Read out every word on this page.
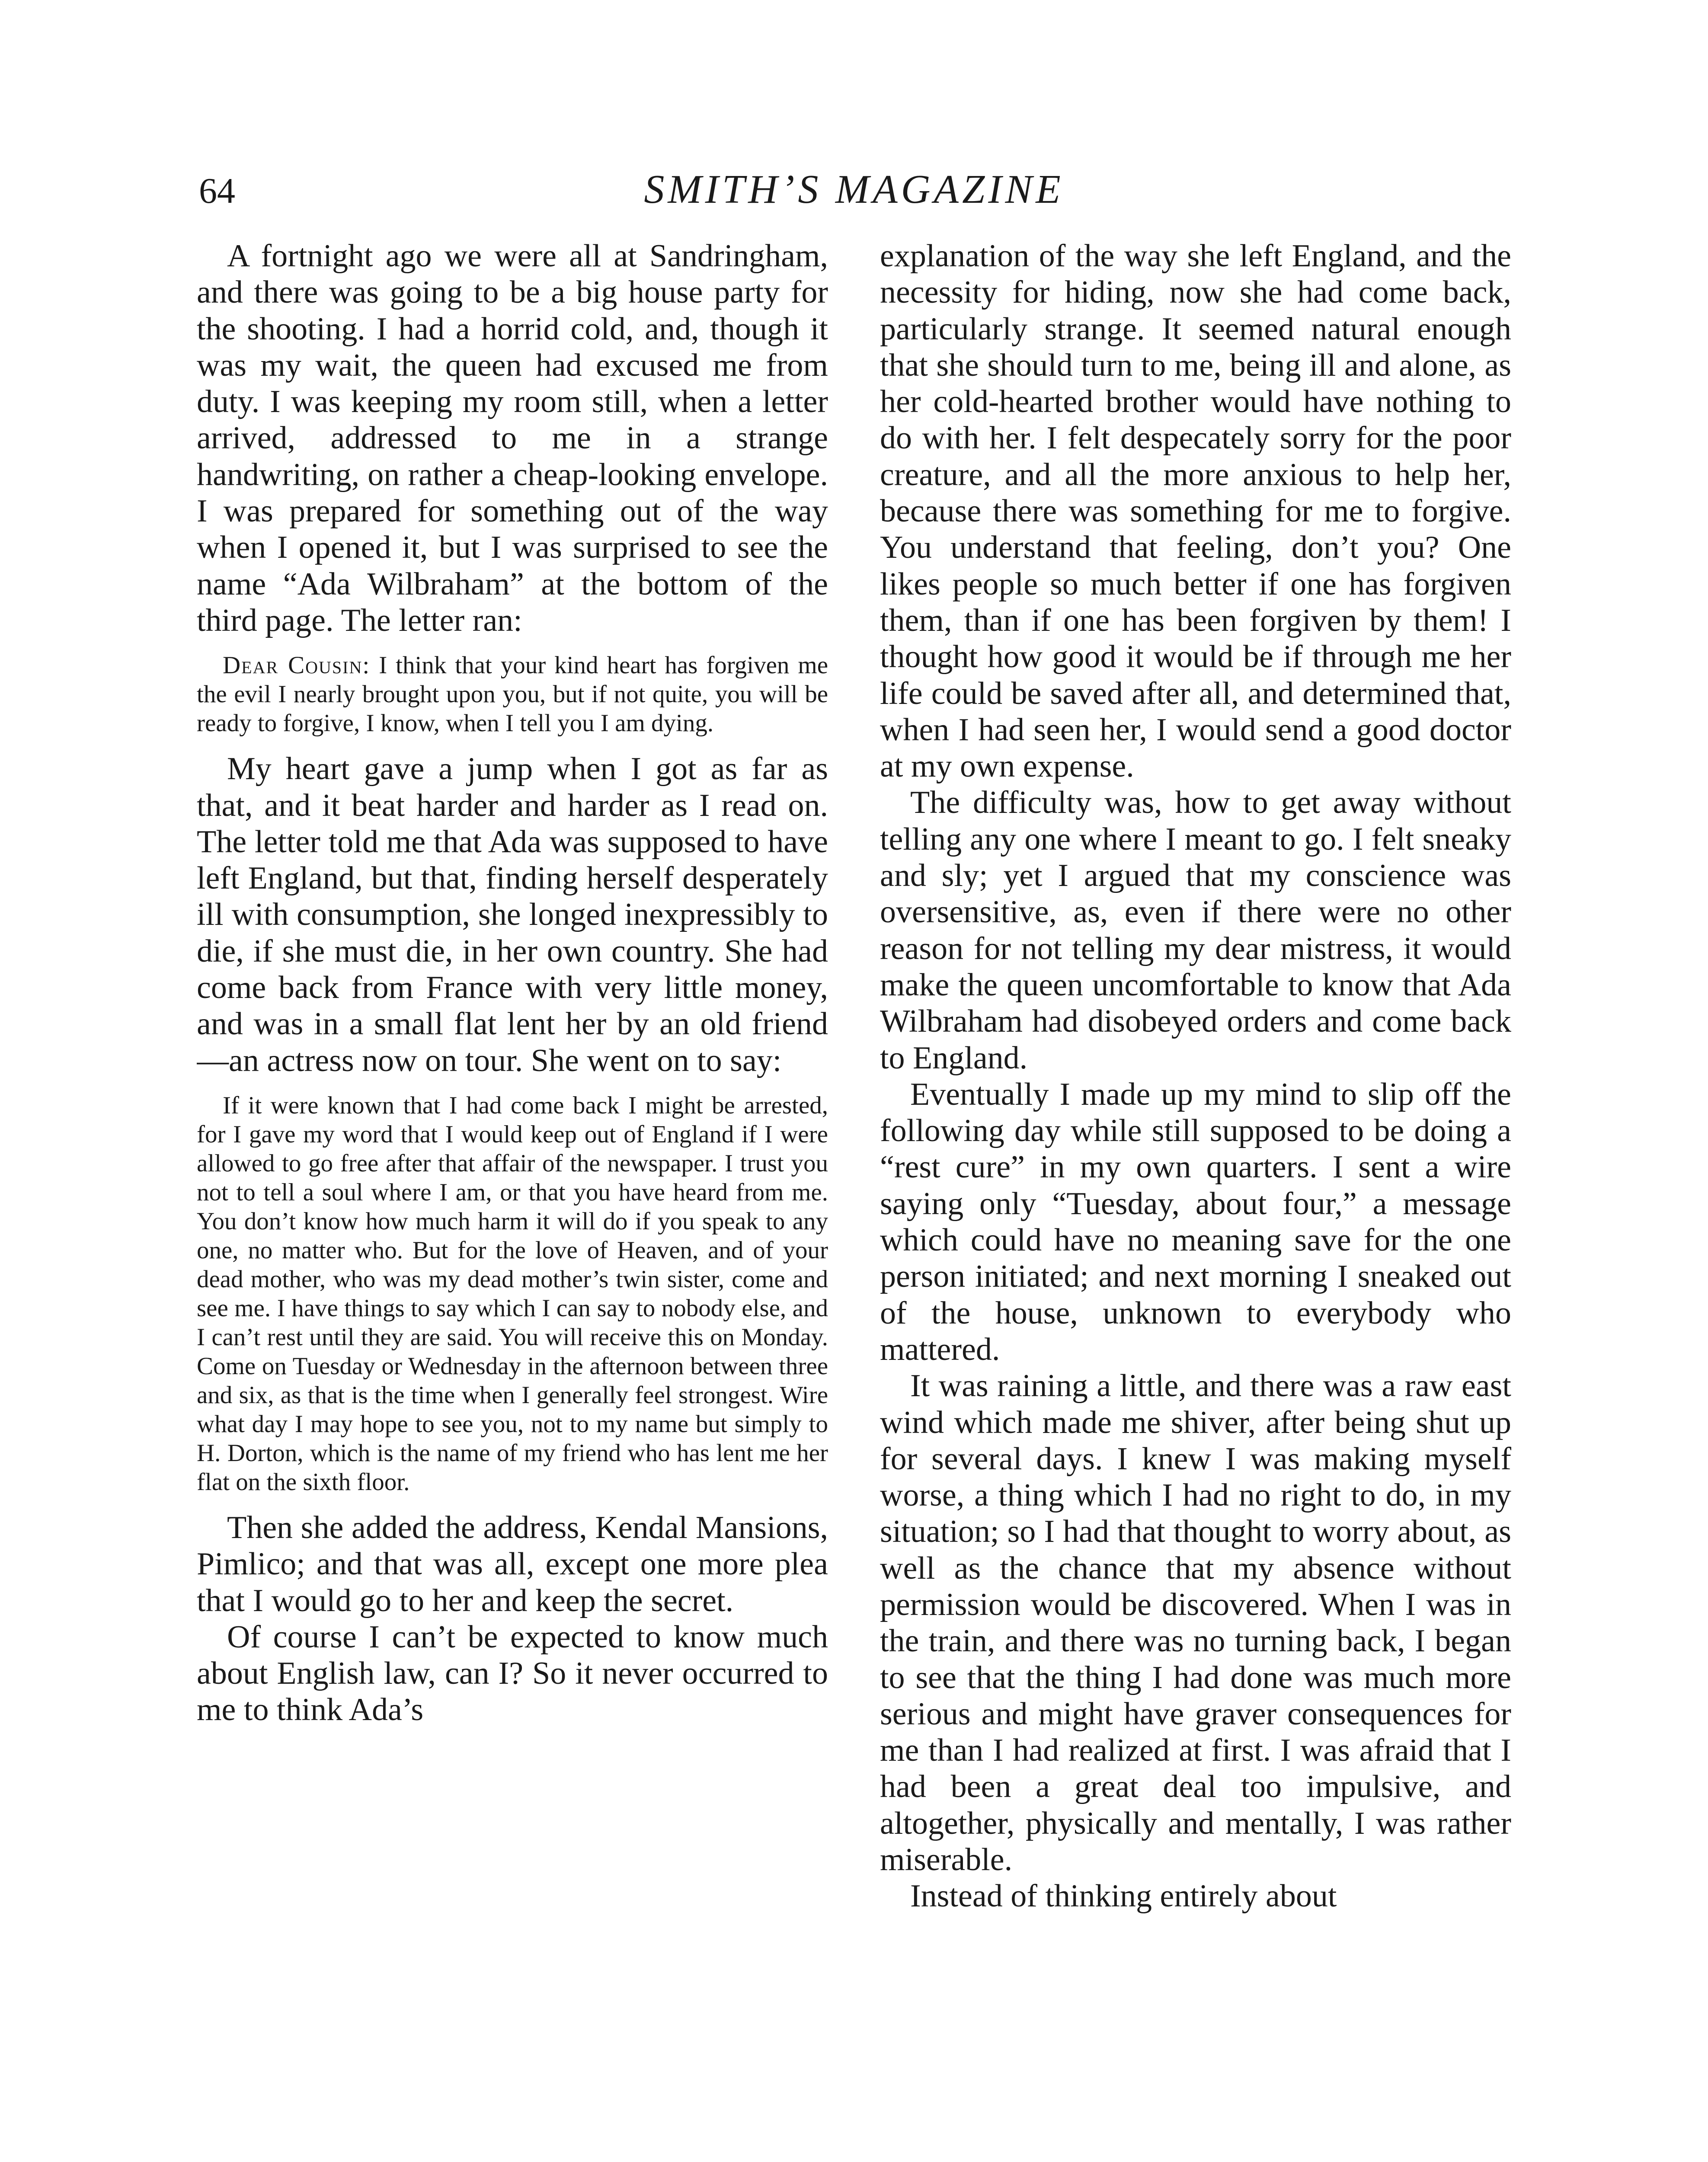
64	SMITH’S MAGAZINE

A fortnight ago we were all at Sandringham, and there was going to be a big house party for the shooting. I had a horrid cold, and, though it was my wait, the queen had excused me from duty. I was keeping my room still, when a letter arrived, addressed to me in a strange handwriting, on rather a cheap-looking envelope. I was prepared for something out of the way when I opened it, but I was surprised to see the name “Ada Wilbraham” at the bottom of the third page. The letter ran:

Dear Cousin: I think that your kind heart has forgiven me the evil I nearly brought upon you, but if not quite, you will be ready to forgive, I know, when I tell you I am dying.

My heart gave a jump when I got as far as that, and it beat harder and harder as I read on. The letter told me that Ada was supposed to have left England, but that, finding herself desperately ill with consumption, she longed inexpressibly to die, if she must die, in her own country. She had come back from France with very little money, and was in a small flat lent her by an old friend —an actress now on tour. She went on to say:

If it were known that I had come back I might be arrested, for I gave my word that I would keep out of England if I were allowed to go free after that affair of the newspaper. I trust you not to tell a soul where I am, or that you have heard from me. You don’t know how much harm it will do if you speak to any one, no matter who. But for the love of Heaven, and of your dead mother, who was my dead mother’s twin sister, come and see me. I have things to say which I can say to nobody else, and I can’t rest until they are said. You will receive this on Monday. Come on Tuesday or Wednesday in the afternoon between three and six, as that is the time when I generally feel strongest. Wire what day I may hope to see you, not to my name but simply to H. Dorton, which is the name of my friend who has lent me her flat on the sixth floor.

Then she added the address, Kendal Mansions, Pimlico; and that was all, except one more plea that I would go to her and keep the secret.

Of course I can’t be expected to know much about English law, can I? So it never occurred to me to think Ada’s

explanation of the way she left England, and the necessity for hiding, now she had come back, particularly strange. It seemed natural enough that she should turn to me, being ill and alone, as her cold-hearted brother would have nothing to do with her. I felt despecately sorry for the poor creature, and all the more anxious to help her, because there was something for me to forgive. You understand that feeling, don’t you? One likes people so much better if one has forgiven them, than if one has been forgiven by them! I thought how good it would be if through me her life could be saved after all, and determined that, when I had seen her, I would send a good doctor at my own expense.

The difficulty was, how to get away without telling any one where I meant to go. I felt sneaky and sly; yet I argued that my conscience was oversensitive, as, even if there were no other reason for not telling my dear mistress, it would make the queen uncomfortable to know that Ada Wilbraham had disobeyed orders and come back to England.

Eventually I made up my mind to slip off the following day while still supposed to be doing a “rest cure” in my own quarters. I sent a wire saying only “Tuesday, about four,” a message which could have no meaning save for the one person initiated; and next morning I sneaked out of the house, unknown to everybody who mattered.

It was raining a little, and there was a raw east wind which made me shiver, after being shut up for several days. I knew I was making myself worse, a thing which I had no right to do, in my situation; so I had that thought to worry about, as well as the chance that my absence without permission would be discovered. When I was in the train, and there was no turning back, I began to see that the thing I had done was much more serious and might have graver consequences for me than I had realized at first. I was afraid that I had been a great deal too impulsive, and altogether, physically and mentally, I was rather miserable.

Instead of thinking entirely about
